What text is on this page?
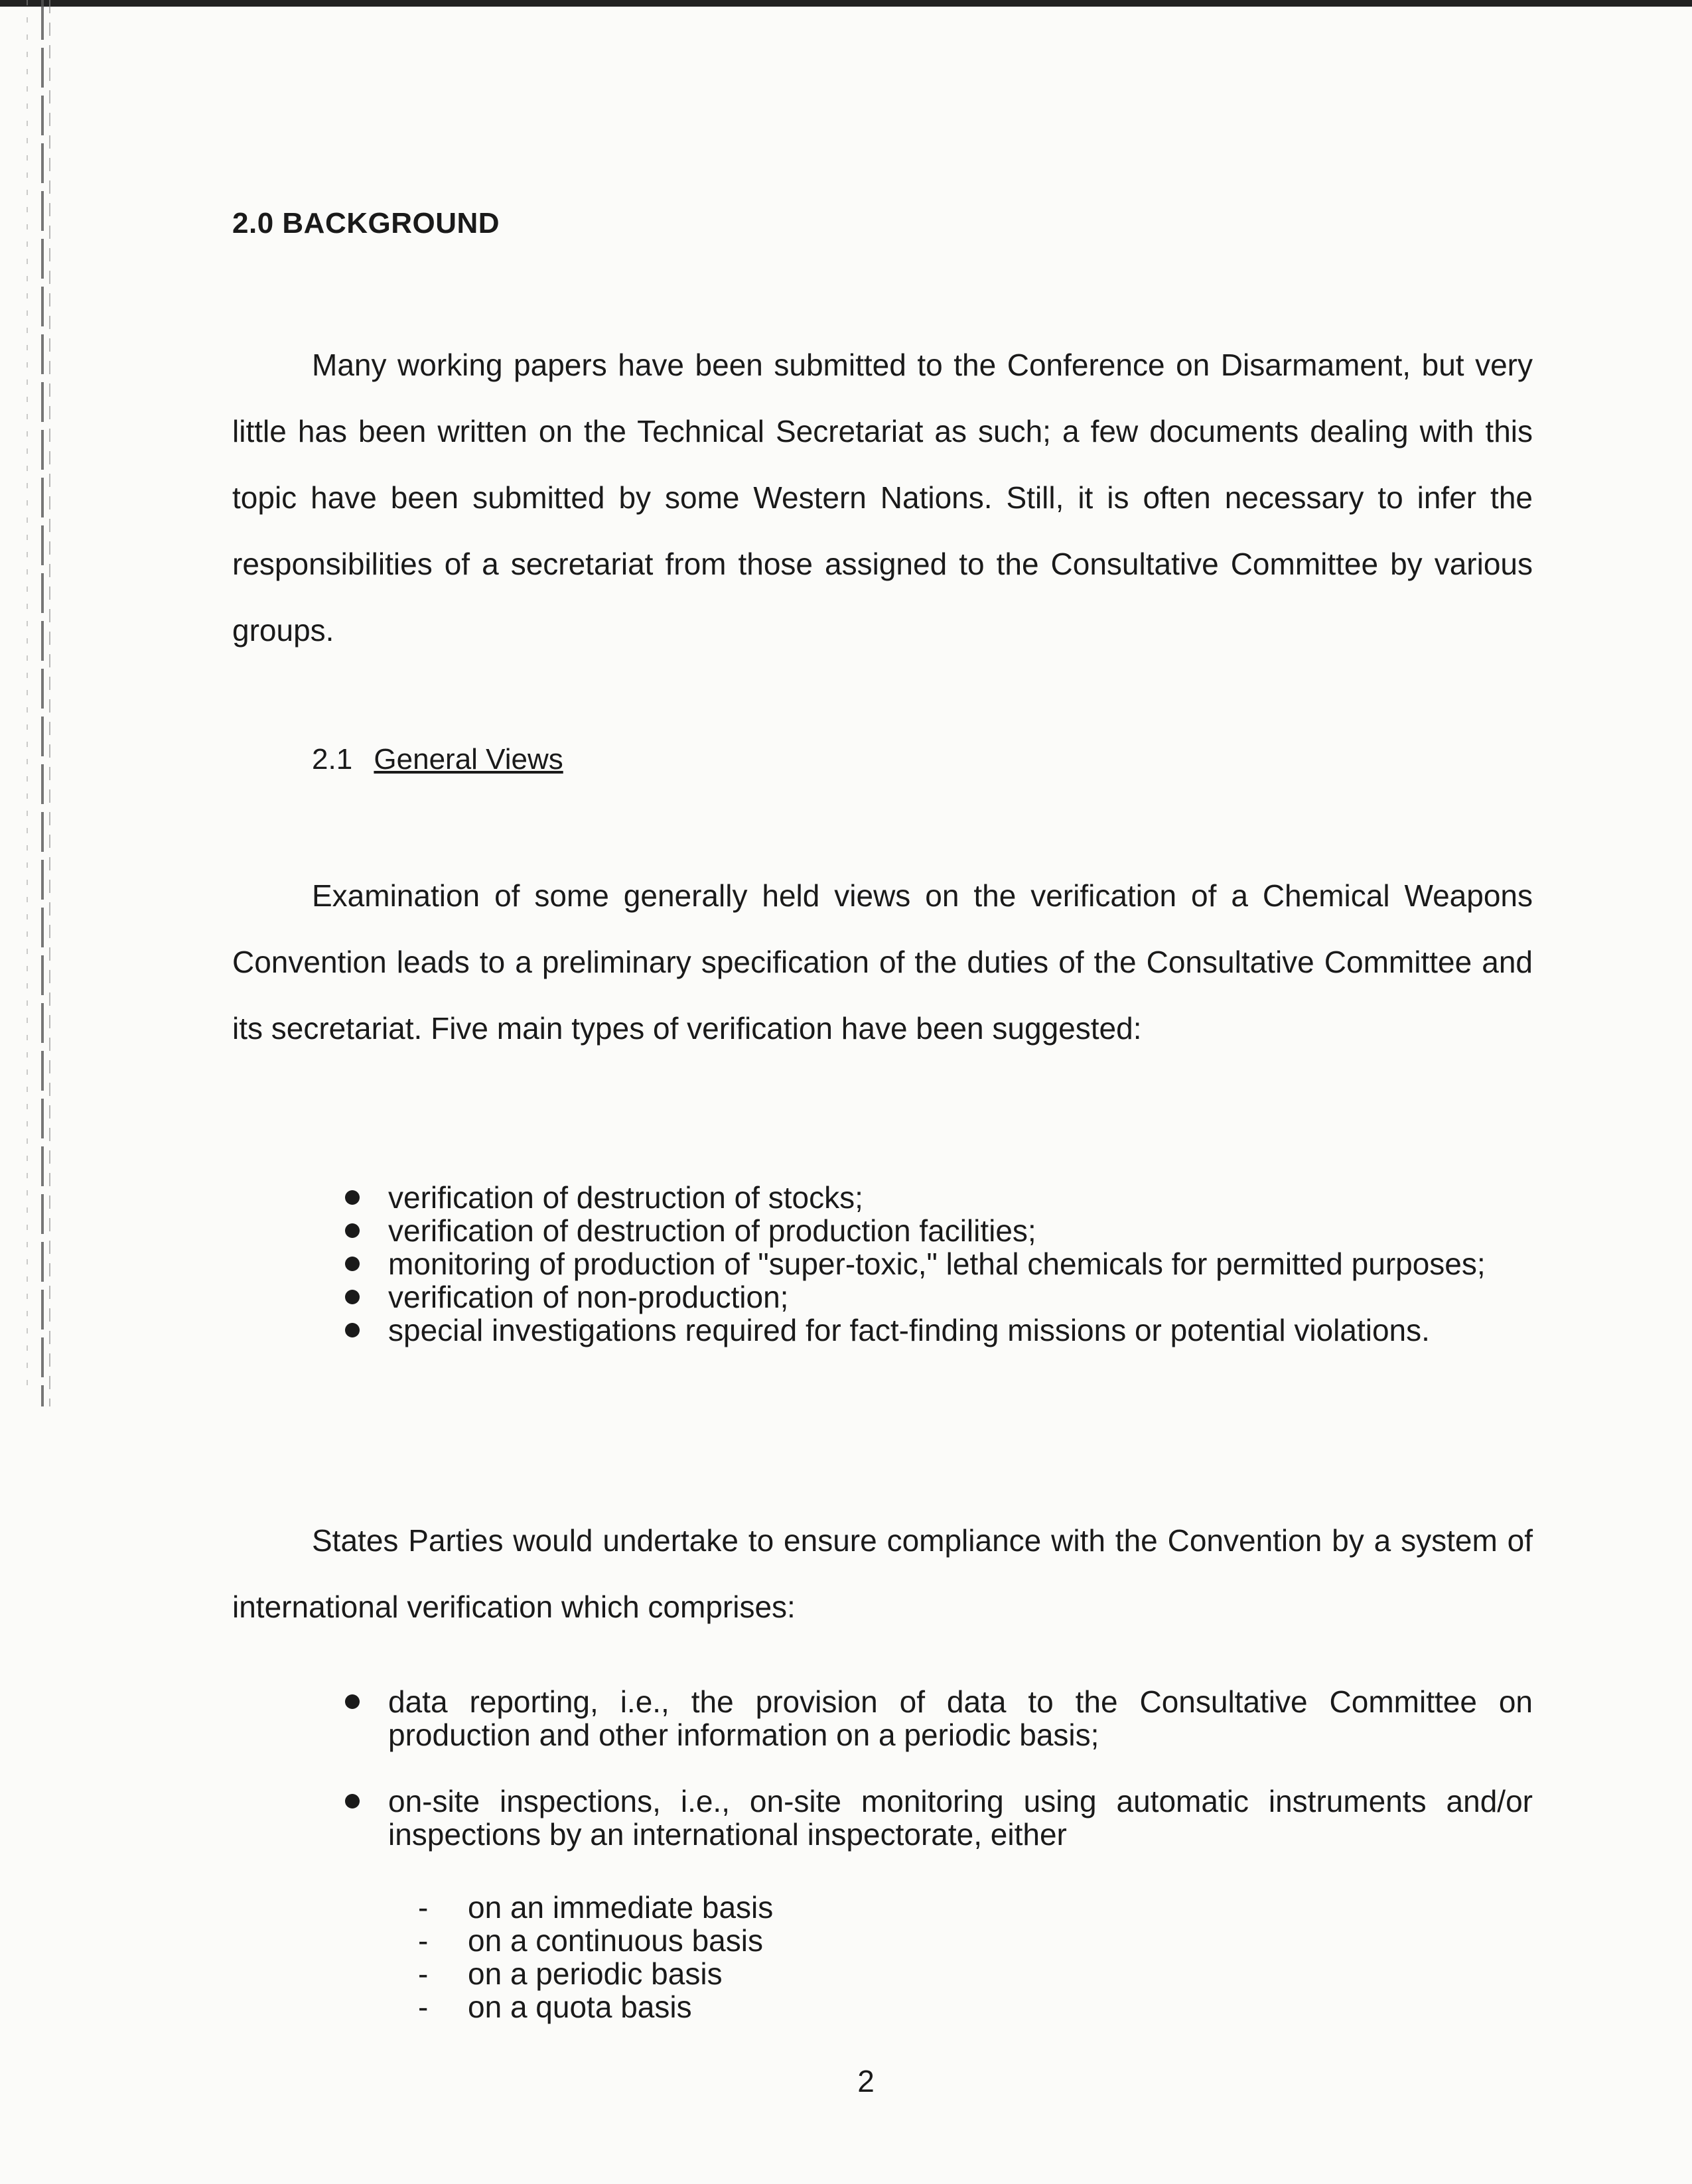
2.0 BACKGROUND

Many working papers have been submitted to the Conference on Disarmament, but very little has been written on the Technical Secretariat as such; a few documents dealing with this topic have been submitted by some Western Nations. Still, it is often necessary to infer the responsibilities of a secretariat from those assigned to the Consultative Committee by various groups.

2.1 General Views

Examination of some generally held views on the verification of a Chemical Weapons Convention leads to a preliminary specification of the duties of the Consultative Committee and its secretariat. Five main types of verification have been suggested:

verification of destruction of stocks;
verification of destruction of production facilities;
monitoring of production of "super-toxic," lethal chemicals for permitted purposes;
verification of non-production;
special investigations required for fact-finding missions or potential violations.

States Parties would undertake to ensure compliance with the Convention by a system of international verification which comprises:

data reporting, i.e., the provision of data to the Consultative Committee on production and other information on a periodic basis;
on-site inspections, i.e., on-site monitoring using automatic instruments and/or inspections by an international inspectorate, either
- on an immediate basis
- on a continuous basis
- on a periodic basis
- on a quota basis
2
